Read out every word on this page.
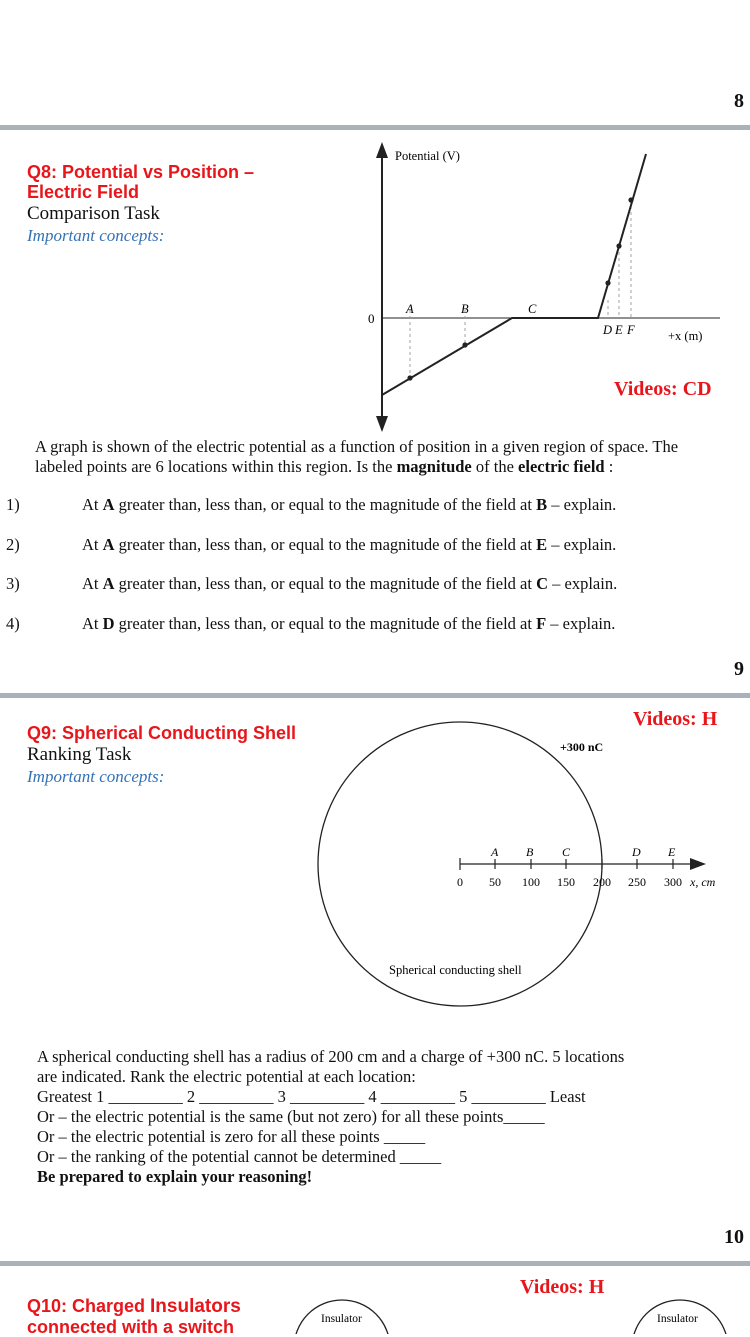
8
Q8: Potential vs Position –
Electric Field
Comparison Task
Important concepts:
Potential (V)
0
+x (m)
A	B	C
D E F
Videos: CD
A graph is shown of the electric potential as a function of position in a given region of space. The labeled points are 6 locations within this region. Is the magnitude of the electric field :
1)	At A greater than, less than, or equal to the magnitude of the field at B – explain.
2)	At A greater than, less than, or equal to the magnitude of the field at E – explain.
3)	At A greater than, less than, or equal to the magnitude of the field at C – explain.
4)	At D greater than, less than, or equal to the magnitude of the field at F – explain.
9
Q9: Spherical Conducting Shell
Ranking Task
Important concepts:
Videos: H
+300 nC
Spherical conducting shell
A B C	D E
0 50 100 150 200 250 300 x, cm
A spherical conducting shell has a radius of 200 cm and a charge of +300 nC. 5 locations
are indicated. Rank the electric potential at each location:
Greatest 1 _________ 2 _________ 3 _________ 4 _________ 5 _________ Least
Or – the electric potential is the same (but not zero) for all these points_____
Or – the electric potential is zero for all these points _____
Or – the ranking of the potential cannot be determined _____
Be prepared to explain your reasoning!
10
Q10: Charged Insulators
connected with a switch
Videos: H
Insulator	Insulator
